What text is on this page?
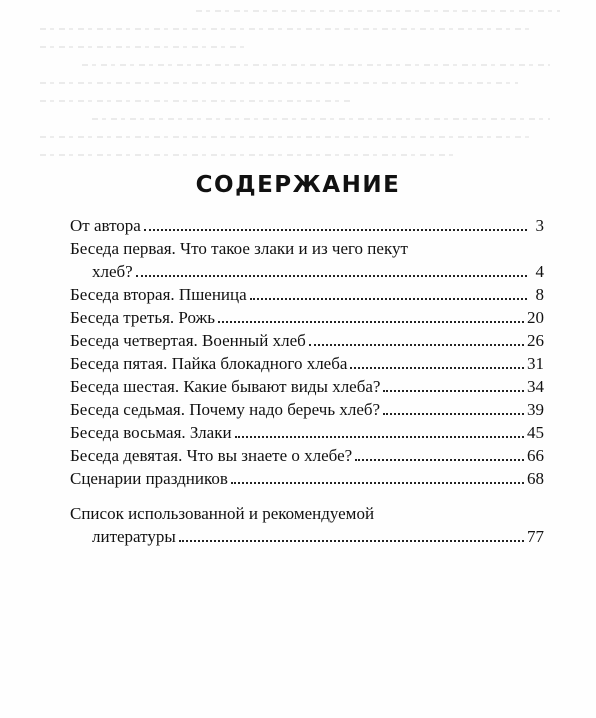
СОДЕРЖАНИЕ
От автора	3
Беседа первая. Что такое злаки и из чего пекут
хлеб?	4
Беседа вторая. Пшеница	8
Беседа третья. Рожь	20
Беседа четвертая. Военный хлеб	26
Беседа пятая. Пайка блокадного хлеба	31
Беседа шестая. Какие бывают виды хлеба?	34
Беседа седьмая. Почему надо беречь хлеб?	39
Беседа восьмая. Злаки	45
Беседа девятая. Что вы знаете о хлебе?	66
Сценарии праздников	68
Список использованной и рекомендуемой
литературы	77
